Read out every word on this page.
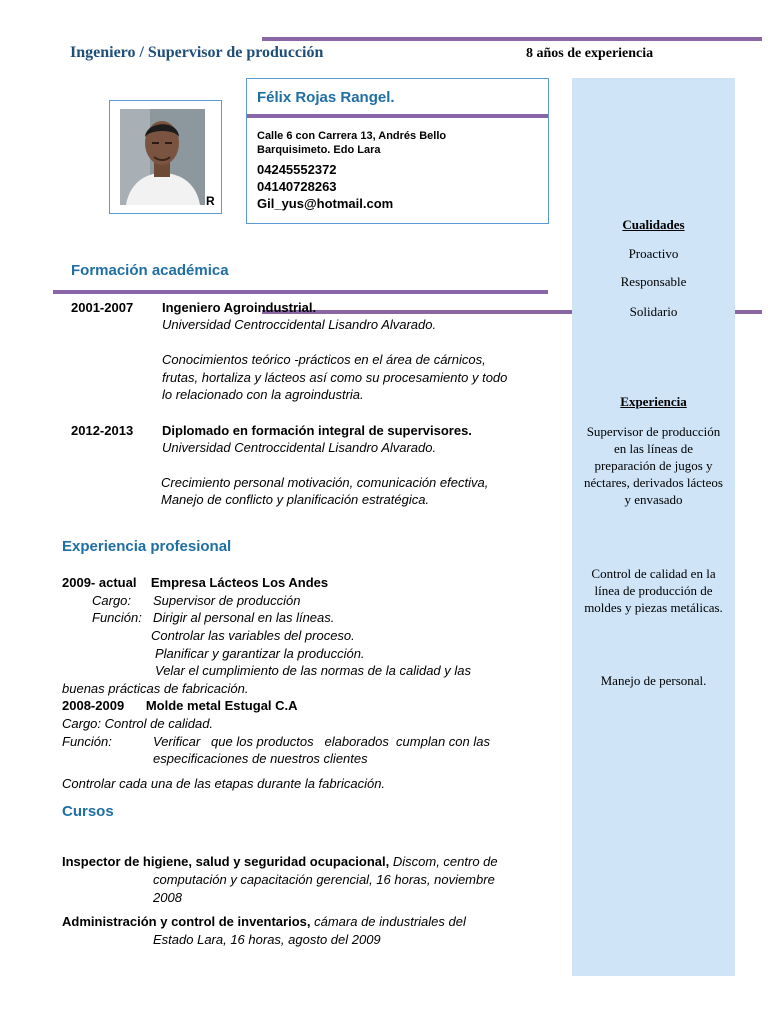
Ingeniero / Supervisor de producción	8 años de experiencia
R
Félix Rojas Rangel.
Calle 6 con Carrera 13, Andrés Bello
Barquisimeto. Edo Lara
04245552372
04140728263
Gil_yus@hotmail.com
Cualidades
Proactivo
Responsable
Solidario
Experiencia
Supervisor de producción en las líneas de preparación de jugos y néctares, derivados lácteos y envasado
Control de calidad en la línea de producción de moldes y piezas metálicas.
Manejo de personal.
Formación académica
2001-2007 Ingeniero Agroindustrial.
Universidad Centroccidental Lisandro Alvarado.
Conocimientos teórico -prácticos en el área de cárnicos,
frutas, hortaliza y lácteos así como su procesamiento y todo
lo relacionado con la agroindustria.
2012-2013 Diplomado en formación integral de supervisores.
Universidad Centroccidental Lisandro Alvarado.
Crecimiento personal motivación, comunicación efectiva,
Manejo de conflicto y planificación estratégica.
Experiencia profesional
2009- actual    Empresa Lácteos Los Andes
Cargo: Supervisor de producción
Función: Dirigir al personal en las líneas.
Controlar las variables del proceso.
Planificar y garantizar la producción.
Velar el cumplimiento de las normas de la calidad y las
buenas prácticas de fabricación.
2008-2009      Molde metal Estugal C.A
Cargo: Control de calidad.
Función:	Verificar   que los productos   elaborados  cumplan con las
especificaciones de nuestros clientes
Controlar cada una de las etapas durante la fabricación.
Cursos
Inspector de higiene, salud y seguridad ocupacional, Discom, centro de
computación y capacitación gerencial, 16 horas, noviembre
2008
Administración y control de inventarios, cámara de industriales del
Estado Lara, 16 horas, agosto del 2009
